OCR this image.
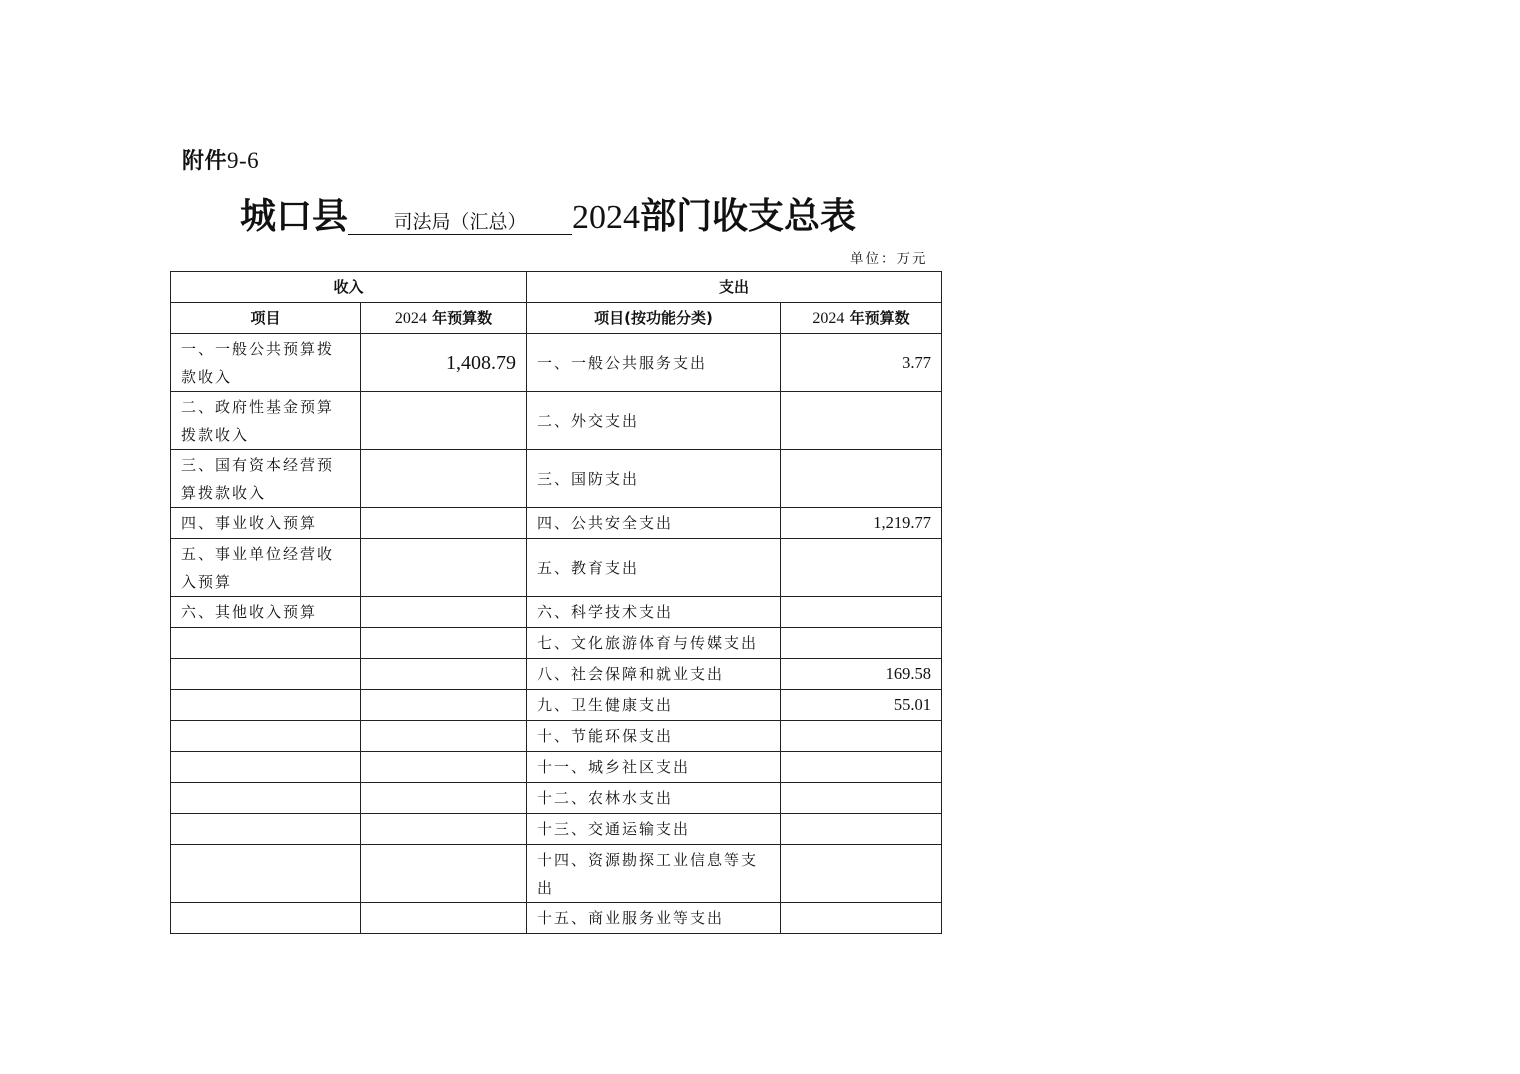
附件9-6
城口县 司法局（汇总） 2024部门收支总表
单位：万元
收入		支出	
项目	2024 年预算数	项目(按功能分类)	2024 年预算数
一、一般公共预算拨款收入	1,408.79	一、一般公共服务支出	3.77
二、政府性基金预算拨款收入		二、外交支出	
三、国有资本经营预算拨款收入		三、国防支出	
四、事业收入预算		四、公共安全支出	1,219.77
五、事业单位经营收入预算		五、教育支出	
六、其他收入预算		六、科学技术支出	
		七、文化旅游体育与传媒支出	
		八、社会保障和就业支出	169.58
		九、卫生健康支出	55.01
		十、节能环保支出	
		十一、城乡社区支出	
		十二、农林水支出	
		十三、交通运输支出	
		十四、资源勘探工业信息等支出	
		十五、商业服务业等支出	
